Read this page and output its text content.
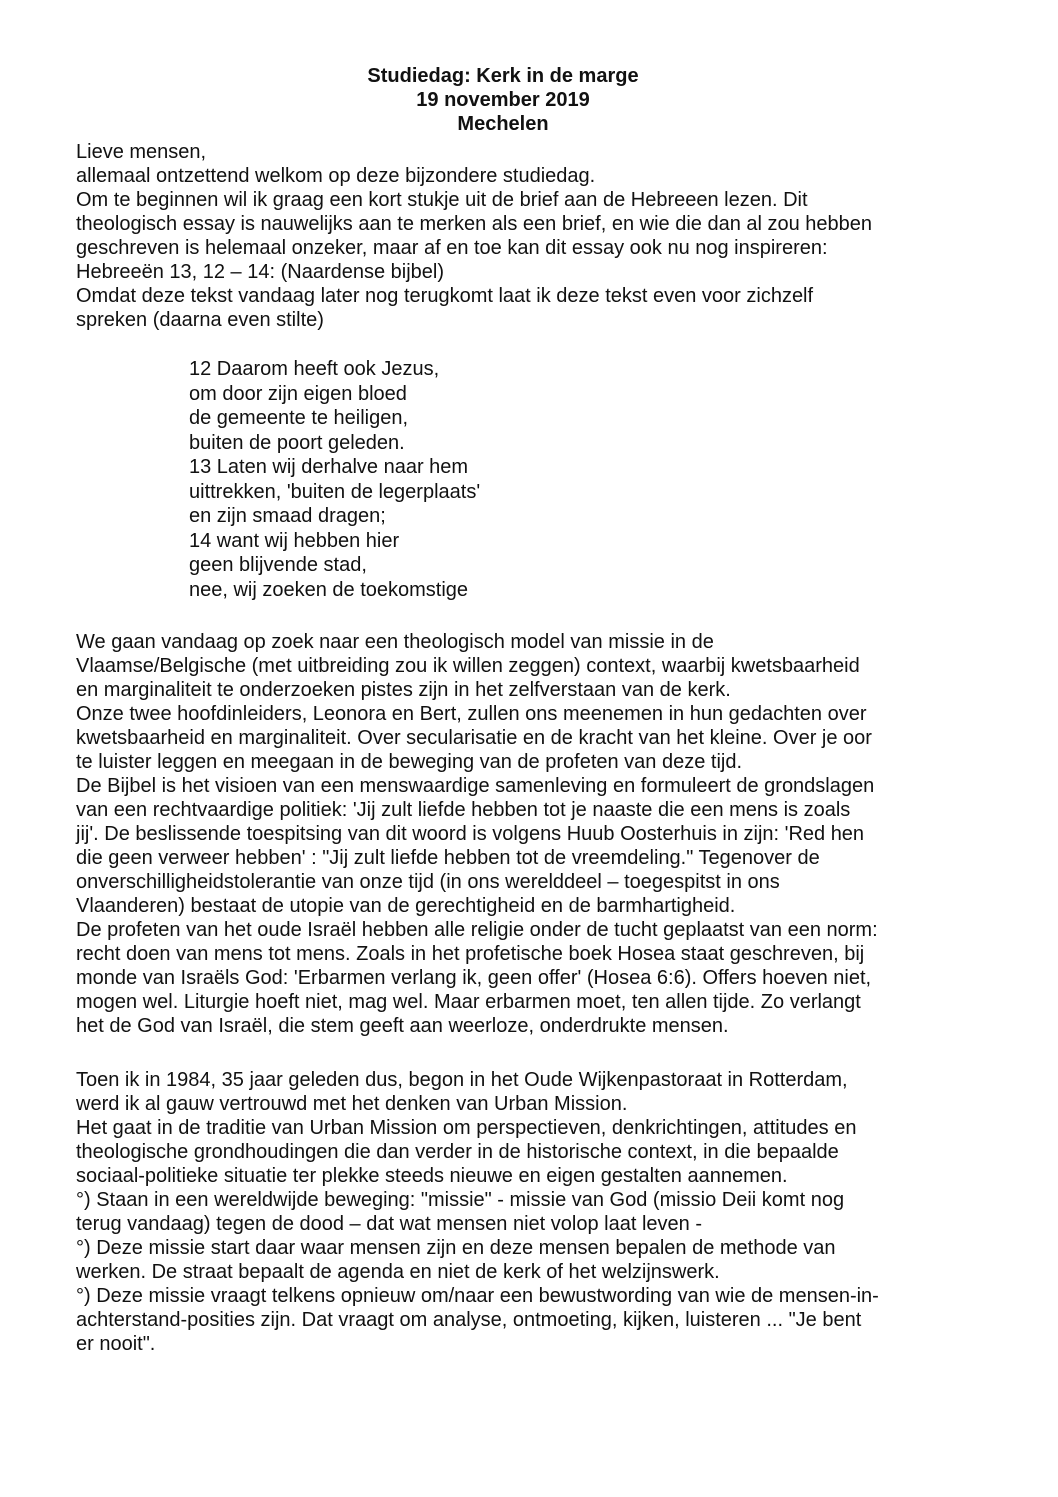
Studiedag: Kerk in de marge
19 november 2019
Mechelen
Lieve mensen,
allemaal ontzettend welkom op deze bijzondere studiedag.
Om te beginnen wil ik graag een kort stukje uit de brief aan de Hebreeen lezen. Dit
theologisch essay is nauwelijks aan te merken als een brief, en wie die dan al zou hebben
geschreven is helemaal onzeker, maar af en toe kan dit essay ook nu nog inspireren:
Hebreeën 13, 12 – 14: (Naardense bijbel)
Omdat deze tekst vandaag later nog terugkomt laat ik deze tekst even voor zichzelf
spreken (daarna even stilte)
12 Daarom heeft ook Jezus,
om door zijn eigen bloed
de gemeente te heiligen,
buiten de poort geleden.
13 Laten wij derhalve naar hem
uittrekken, 'buiten de legerplaats'
en zijn smaad dragen;
14 want wij hebben hier
geen blijvende stad,
nee, wij zoeken de toekomstige
We gaan vandaag op zoek naar een theologisch model van missie in de
Vlaamse/Belgische (met uitbreiding zou ik willen zeggen) context, waarbij kwetsbaarheid
en marginaliteit te onderzoeken pistes zijn in het zelfverstaan van de kerk.
Onze twee hoofdinleiders, Leonora en Bert, zullen ons meenemen in hun gedachten over
kwetsbaarheid en marginaliteit. Over secularisatie en de kracht van het kleine. Over je oor
te luister leggen en meegaan in de beweging van de profeten van deze tijd.
De Bijbel is het visioen van een menswaardige samenleving en formuleert de grondslagen
van een rechtvaardige politiek: 'Jij zult liefde hebben tot je naaste die een mens is zoals
jij'. De beslissende toespitsing van dit woord is volgens Huub Oosterhuis in zijn: 'Red hen
die geen verweer hebben' : "Jij zult liefde hebben tot de vreemdeling." Tegenover de
onverschilligheidstolerantie van onze tijd (in ons werelddeel – toegespitst in ons
Vlaanderen) bestaat de utopie van de gerechtigheid en de barmhartigheid.
De profeten van het oude Israël hebben alle religie onder de tucht geplaatst van een norm:
recht doen van mens tot mens. Zoals in het profetische boek Hosea staat geschreven, bij
monde van Israëls God: 'Erbarmen verlang ik, geen offer' (Hosea 6:6). Offers hoeven niet,
mogen wel. Liturgie hoeft niet, mag wel. Maar erbarmen moet, ten allen tijde. Zo verlangt
het de God van Israël, die stem geeft aan weerloze, onderdrukte mensen.
Toen ik in 1984, 35 jaar geleden dus, begon in het Oude Wijkenpastoraat in Rotterdam,
werd ik al gauw vertrouwd met het denken van Urban Mission.
Het gaat in de traditie van Urban Mission om perspectieven, denkrichtingen, attitudes en
theologische grondhoudingen die dan verder in de historische context, in die bepaalde
sociaal-politieke situatie ter plekke steeds nieuwe en eigen gestalten aannemen.
°) Staan in een wereldwijde beweging: "missie" - missie van God (missio Deii komt nog
terug vandaag) tegen de dood – dat wat mensen niet volop laat leven -
°) Deze missie start daar waar mensen zijn en deze mensen bepalen de methode van
werken. De straat bepaalt de agenda en niet de kerk of het welzijnswerk.
°) Deze missie vraagt telkens opnieuw om/naar een bewustwording van wie de mensen-in-
achterstand-posities zijn. Dat vraagt om analyse, ontmoeting, kijken, luisteren ... "Je bent
er nooit".
